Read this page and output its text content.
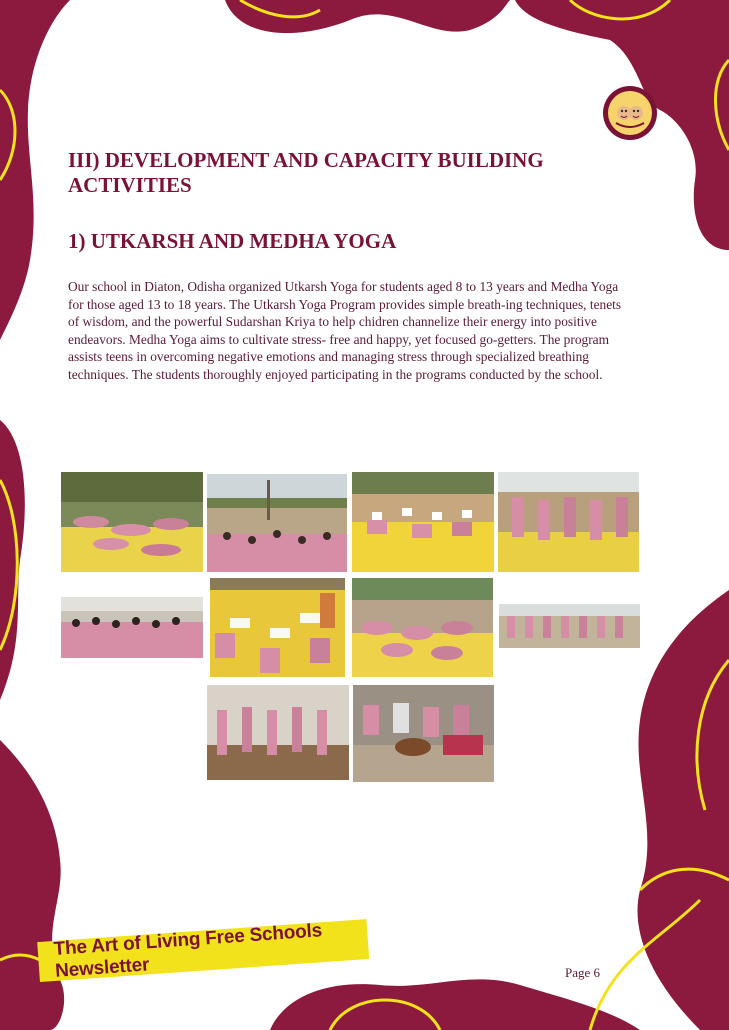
III) DEVELOPMENT AND CAPACITY BUILDING ACTIVITIES
1) UTKARSH AND MEDHA YOGA

Our school in Diaton, Odisha organized Utkarsh Yoga for students aged 8 to 13 years and Medha Yoga for those aged 13 to 18 years. The Utkarsh Yoga Program provides simple breath-ing techniques, tenets of wisdom, and the powerful Sudarshan Kriya to help chidren channelize their energy into positive endeavors. Medha Yoga aims to cultivate stress- free and happy, yet focused go-getters. The program assists teens in overcoming negative emotions and managing stress through specialized breathing techniques. The students thoroughly enjoyed participating in the programs conducted by the school.

The Art of Living Free Schools Newsletter	Page 6
